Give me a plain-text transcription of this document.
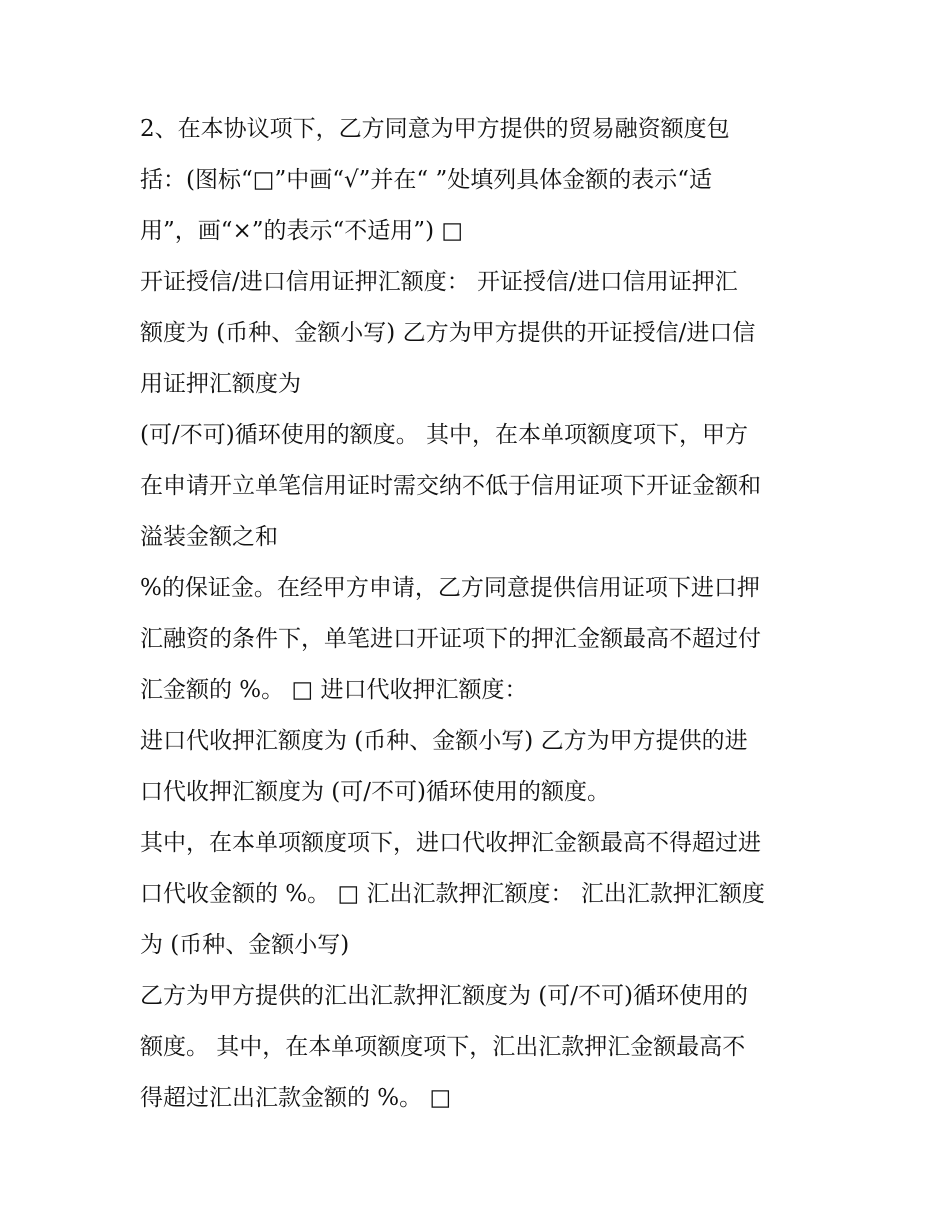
2、在本协议项下，乙方同意为甲方提供的贸易融资额度包
括：(图标“□”中画“√”并在“ ”处填列具体金额的表示“适
用”，画“×”的表示“不适用”) □
开证授信/进口信用证押汇额度： 开证授信/进口信用证押汇
额度为 (币种、金额小写) 乙方为甲方提供的开证授信/进口信
用证押汇额度为
(可/不可)循环使用的额度。 其中，在本单项额度项下，甲方
在申请开立单笔信用证时需交纳不低于信用证项下开证金额和
溢装金额之和
%的保证金。在经甲方申请，乙方同意提供信用证项下进口押
汇融资的条件下，单笔进口开证项下的押汇金额最高不超过付
汇金额的 %。 □ 进口代收押汇额度：
进口代收押汇额度为 (币种、金额小写) 乙方为甲方提供的进
口代收押汇额度为 (可/不可)循环使用的额度。
其中，在本单项额度项下，进口代收押汇金额最高不得超过进
口代收金额的 %。 □ 汇出汇款押汇额度： 汇出汇款押汇额度
为 (币种、金额小写)
乙方为甲方提供的汇出汇款押汇额度为 (可/不可)循环使用的
额度。 其中，在本单项额度项下，汇出汇款押汇金额最高不
得超过汇出汇款金额的 %。 □
